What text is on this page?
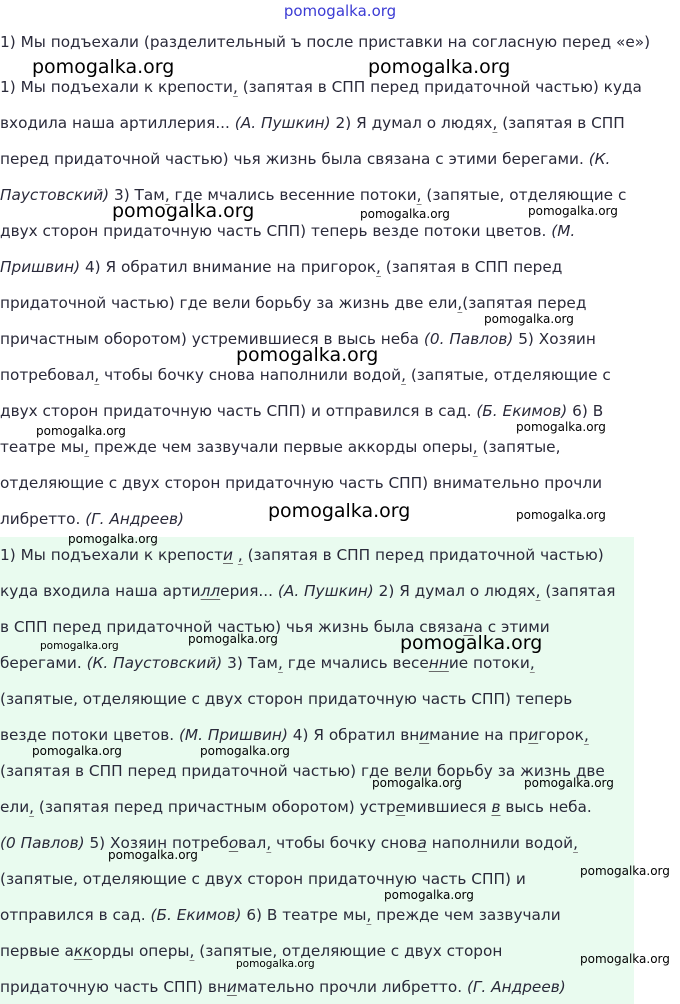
pomogalka.org
1) Мы подъехали (разделительный ъ после приставки на согласную перед «е»)
1) Мы подъехали к крепости, (запятая в СПП перед придаточной частью) куда
входила наша артиллерия... (А. Пушкин) 2) Я думал о людях, (запятая в СПП
перед придаточной частью) чья жизнь была связана с этими берегами. (К.
Паустовский) 3) Там, где мчались весенние потоки, (запятые, отделяющие с
двух сторон придаточную часть СПП) теперь везде потоки цветов. (М.
Пришвин) 4) Я обратил внимание на пригорок, (запятая в СПП перед
придаточной частью) где вели борьбу за жизнь две ели,(запятая перед
причастным оборотом) устремившиеся в высь неба (0. Павлов) 5) Хозяин
потребовал, чтобы бочку снова наполнили водой, (запятые, отделяющие с
двух сторон придаточную часть СПП) и отправился в сад. (Б. Екимов) 6) В
театре мы, прежде чем зазвучали первые аккорды оперы, (запятые,
отделяющие с двух сторон придаточную часть СПП) внимательно прочли
либретто. (Г. Андреев)
1) Мы подъехали к крепости , (запятая в СПП перед придаточной частью)
куда входила наша артиллерия... (А. Пушкин) 2) Я думал о людях, (запятая
в СПП перед придаточной частью) чья жизнь была связана с этими
берегами. (К. Паустовский) 3) Там, где мчались весенние потоки,
(запятые, отделяющие с двух сторон придаточную часть СПП) теперь
везде потоки цветов. (М. Пришвин) 4) Я обратил внимание на пригорок,
(запятая в СПП перед придаточной частью) где вели борьбу за жизнь две
ели, (запятая перед причастным оборотом) устремившиеся в высь неба.
(0 Павлов) 5) Хозяин потребовал, чтобы бочку снова наполнили водой,
(запятые, отделяющие с двух сторон придаточную часть СПП) и
отправился в сад. (Б. Екимов) 6) В театре мы, прежде чем зазвучали
первые аккорды оперы, (запятые, отделяющие с двух сторон
придаточную часть СПП) внимательно прочли либретто. (Г. Андреев)
pomogalka.org	pomogalka.org
pomogalka.org	pomogalka.org	pomogalka.org
pomogalka.org
pomogalka.org
pomogalka.org	pomogalka.org
pomogalka.org	pomogalka.org
pomogalka.org
pomogalka.org	pomogalka.org	pomogalka.org
pomogalka.org	pomogalka.org
pomogalka.org	pomogalka.org
pomogalka.org
pomogalka.org
pomogalka.org
pomogalka.org	pomogalka.org
